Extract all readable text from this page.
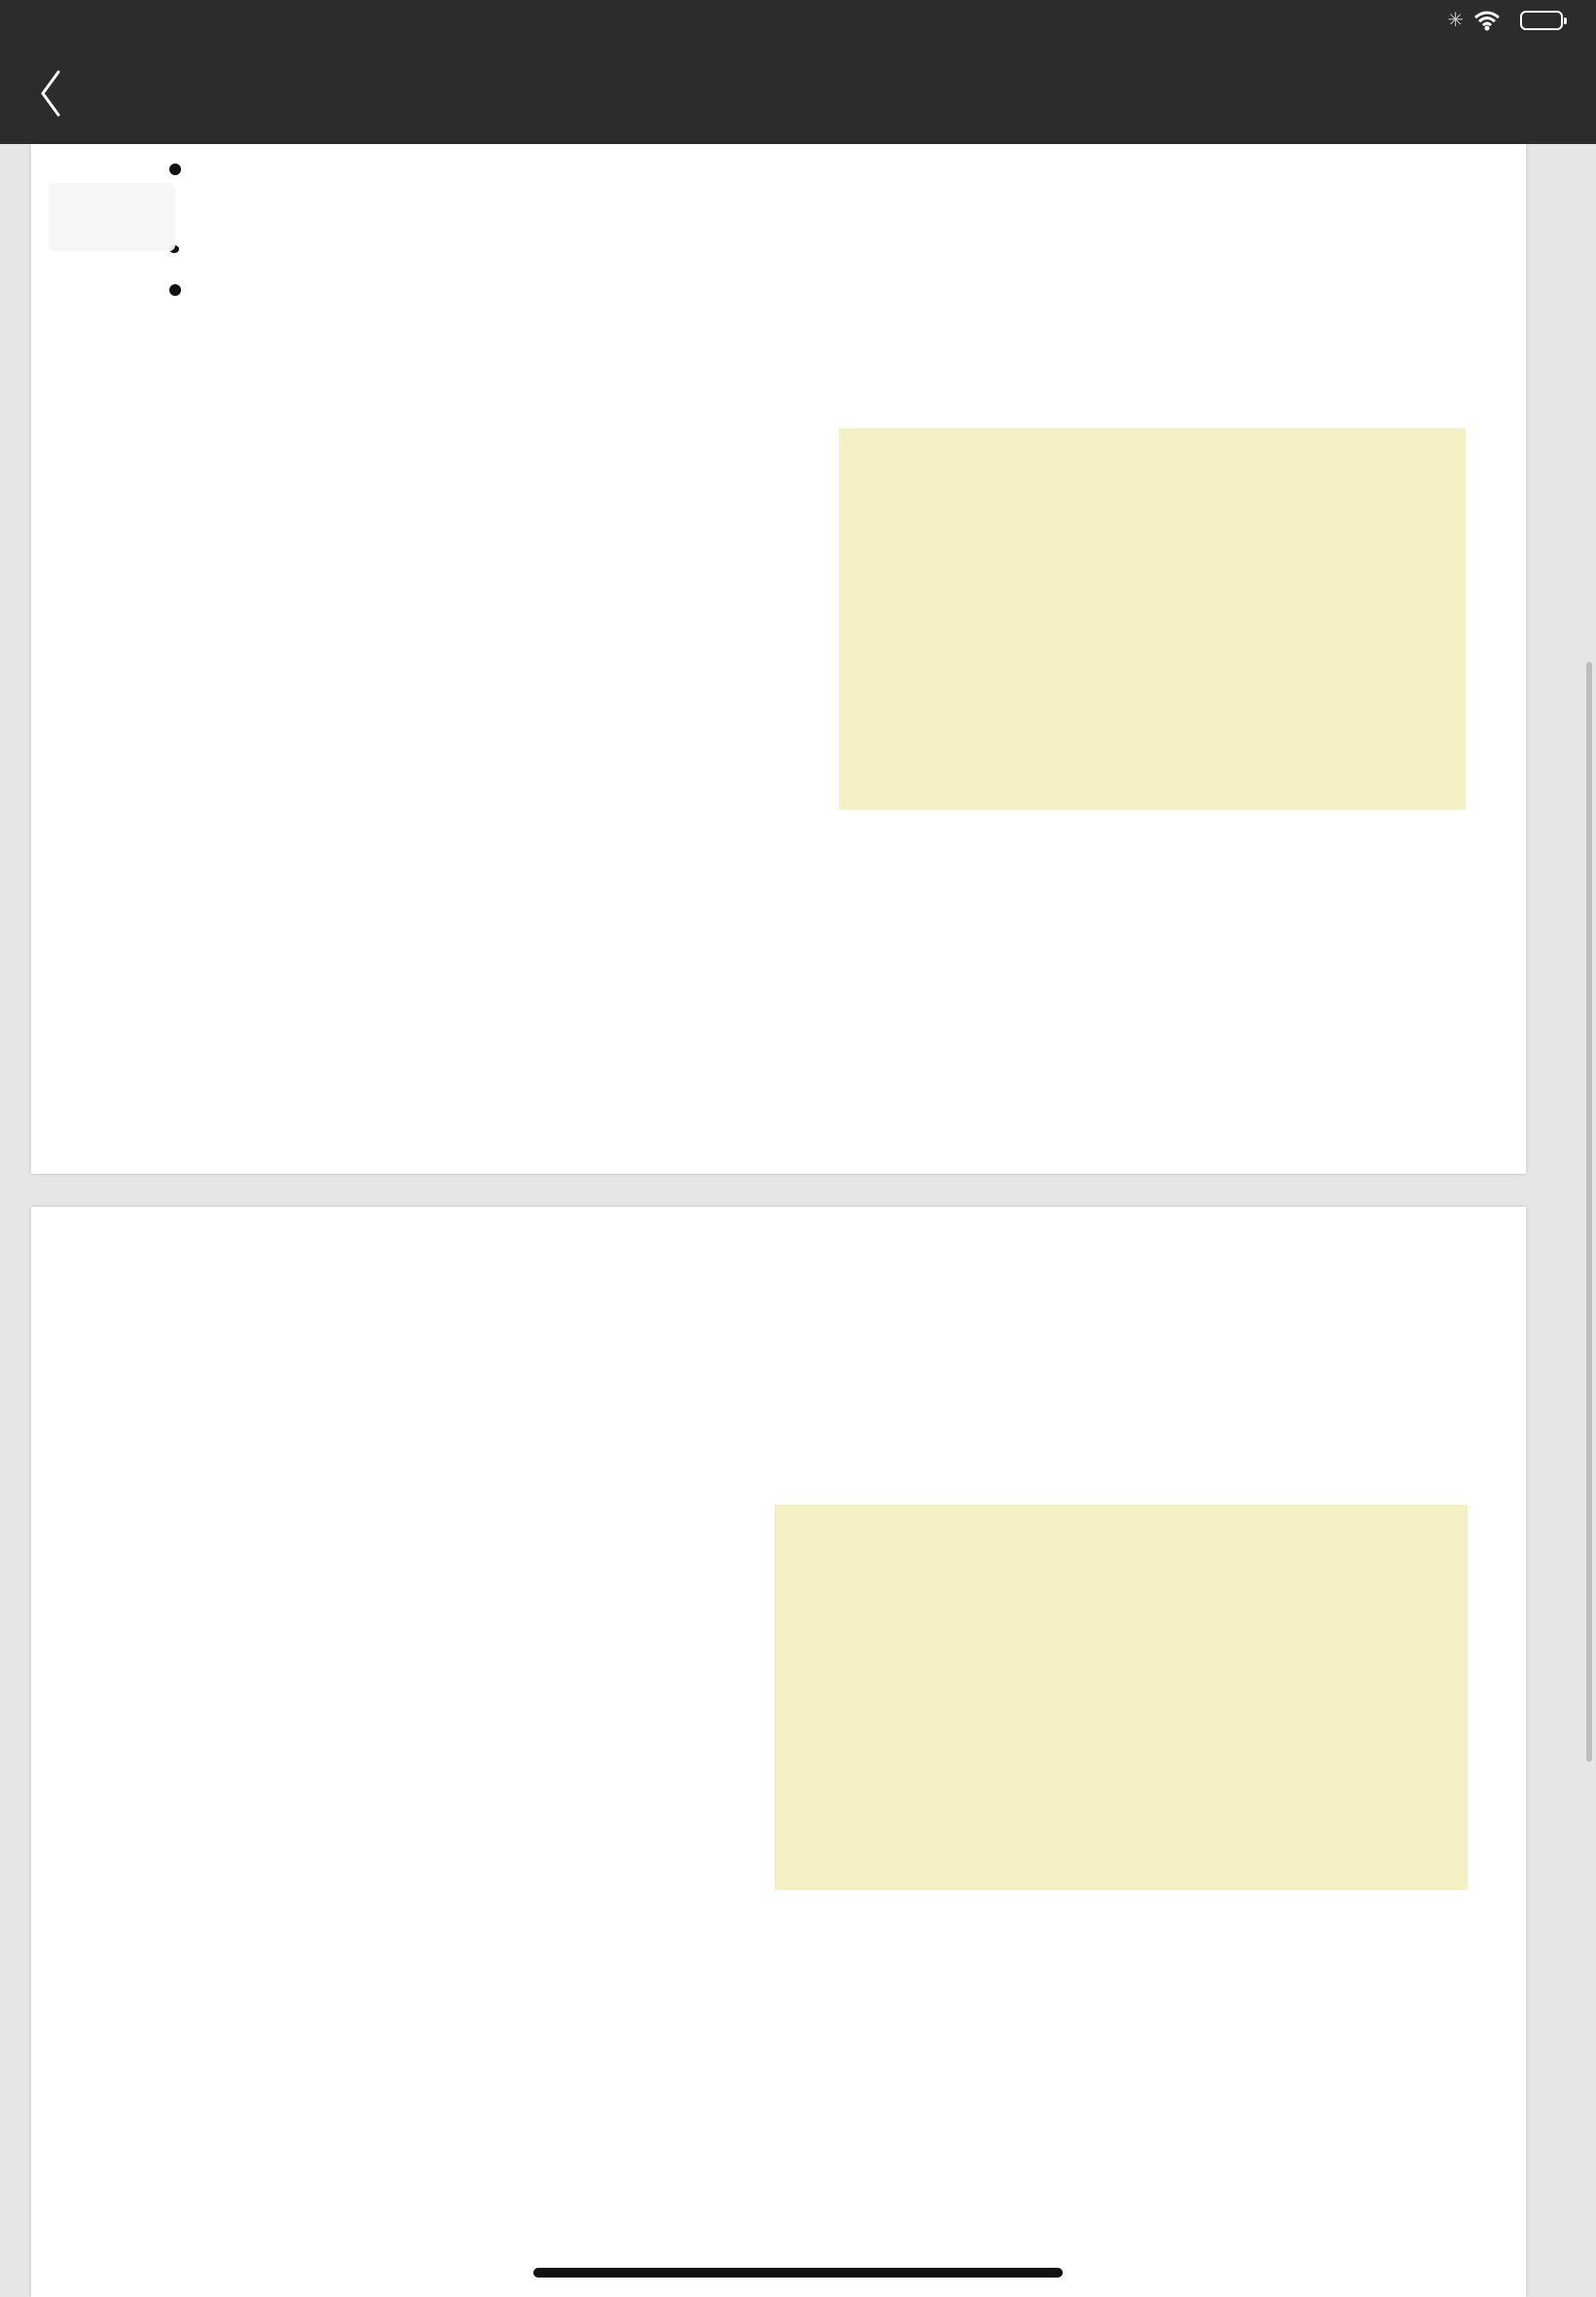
✳
